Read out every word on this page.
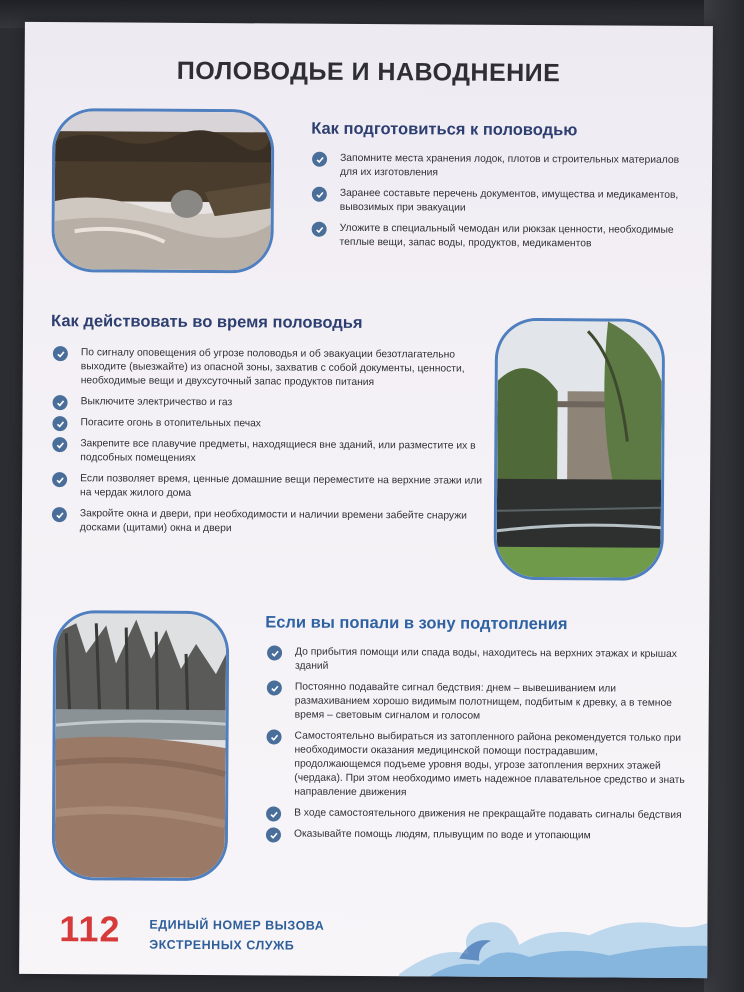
ПОЛОВОДЬЕ И НАВОДНЕНИЕ
Как подготовиться к половодью
Запомните места хранения лодок, плотов и строительных материалов для их изготовления
Заранее составьте перечень документов, имущества и медикаментов, вывозимых при эвакуации
Уложите в специальный чемодан или рюкзак ценности, необходимые теплые вещи, запас воды, продуктов, медикаментов
Как действовать во время половодья
По сигналу оповещения об угрозе половодья и об эвакуации безотлагательно выходите (выезжайте) из опасной зоны, захватив с собой документы, ценности, необходимые вещи и двухсуточный запас продуктов питания
Выключите электричество и газ
Погасите огонь в отопительных печах
Закрепите все плавучие предметы, находящиеся вне зданий, или разместите их в подсобных помещениях
Если позволяет время, ценные домашние вещи переместите на верхние этажи или на чердак жилого дома
Закройте окна и двери, при необходимости и наличии времени забейте снаружи досками (щитами) окна и двери
Если вы попали в зону подтопления
До прибытия помощи или спада воды, находитесь на верхних этажах и крышах зданий
Постоянно подавайте сигнал бедствия: днем – вывешиванием или размахиванием хорошо видимым полотнищем, подбитым к древку, а в темное время – световым сигналом и голосом
Самостоятельно выбираться из затопленного района рекомендуется только при необходимости оказания медицинской помощи пострадавшим, продолжающемся подъеме уровня воды, угрозе затопления верхних этажей (чердака). При этом необходимо иметь надежное плавательное средство и знать направление движения
В ходе самостоятельного движения не прекращайте подавать сигналы бедствия
Оказывайте помощь людям, плывущим по воде и утопающим
112 ЕДИНЫЙ НОМЕР ВЫЗОВА
ЭКСТРЕННЫХ СЛУЖБ
